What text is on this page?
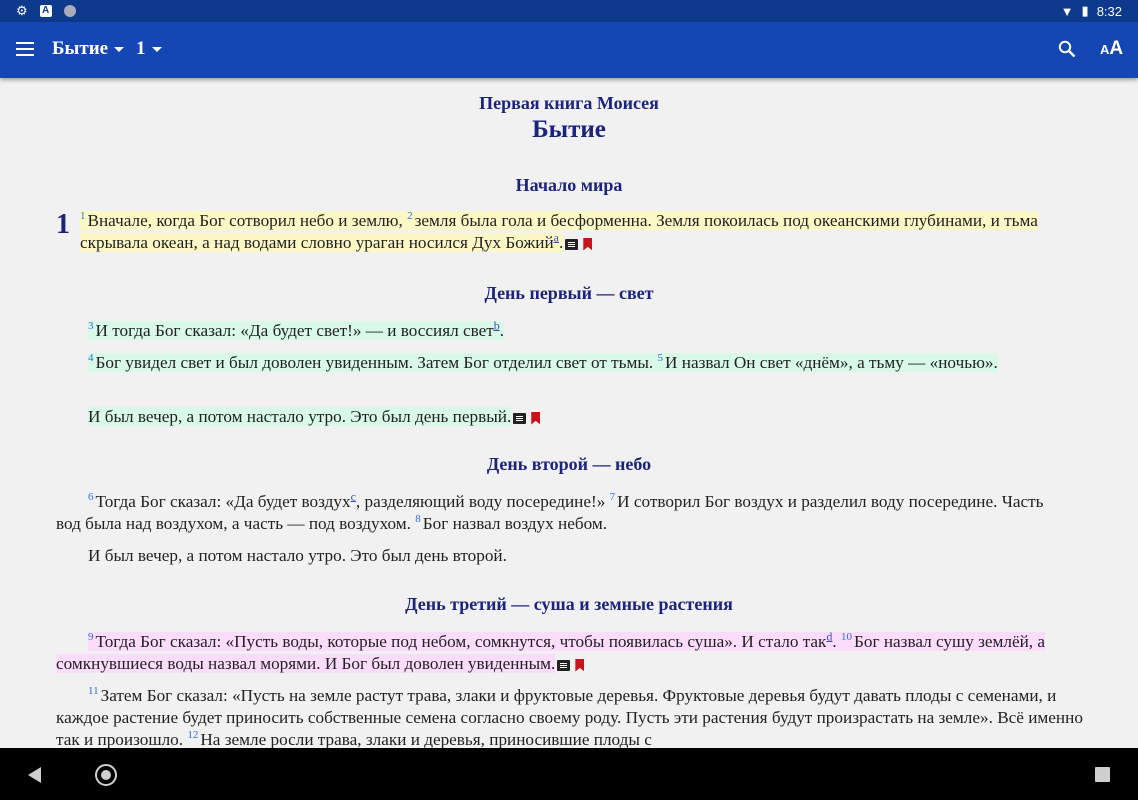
⚙ A	▼ ▮ 8:32
Бытие 1	AA
Первая книга Моисея
Бытие
Начало мира
1 $^1$ Вначале, когда Бог сотворил небо и землю, $^2$ земля была гола и бесформенна. Земля покоилась под океанскими глубинами, и тьма скрывала океан, а над водами словно ураган носился Дух Божий$^a$.

День первый — свет

$^3$ И тогда Бог сказал: «Да будет свет!» — и воссиял свет$^b$.

$^4$ Бог увидел свет и был доволен увиденным. Затем Бог отделил свет от тьмы. $^5$ И назвал Он свет «днём», а тьму — «ночью».

И был вечер, а потом настало утро. Это был день первый.

День второй — небо

$^6$ Тогда Бог сказал: «Да будет воздух$^c$, разделяющий воду посередине!» $^7$ И сотворил Бог воздух и разделил воду посередине. Часть вод была над воздухом, а часть — под воздухом. $^8$ Бог назвал воздух небом.

И был вечер, а потом настало утро. Это был день второй.

День третий — суша и земные растения

$^9$ Тогда Бог сказал: «Пусть воды, которые под небом, сомкнутся, чтобы появилась суша». И стало так$^d$. $^{10}$ Бог назвал сушу землёй, а сомкнувшиеся воды назвал морями. И Бог был доволен увиденным.

$^{11}$ Затем Бог сказал: «Пусть на земле растут трава, злаки и фруктовые деревья. Фруктовые деревья будут давать плоды с семенами, и каждое растение будет приносить собственные семена согласно своему роду. Пусть эти растения будут произрастать на земле». Всё именно так и произошло. $^{12}$ На земле росли трава, злаки и деревья, приносившие плоды с
